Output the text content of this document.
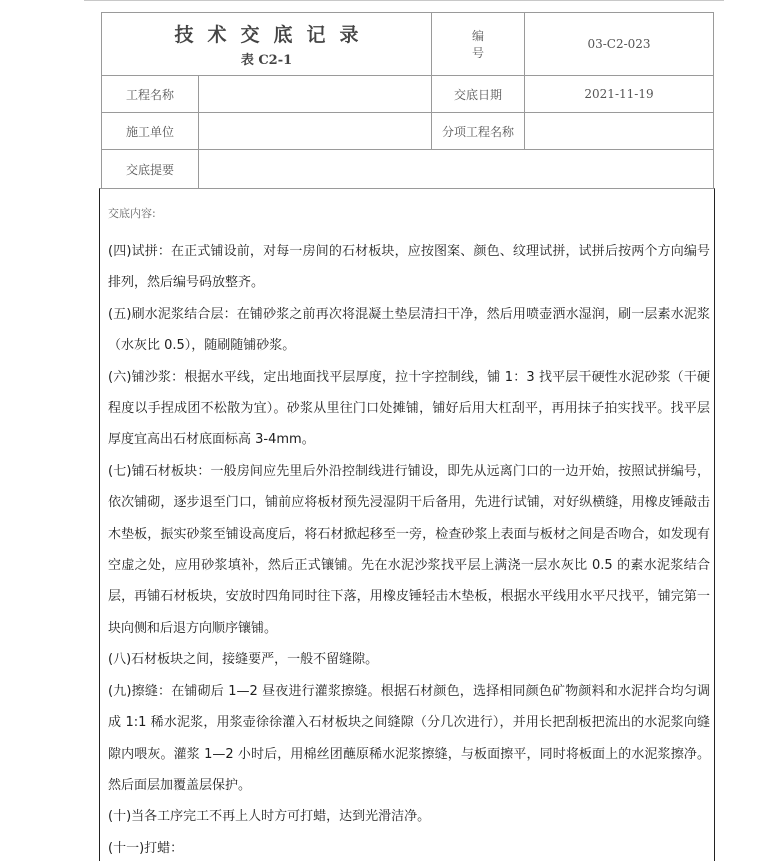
技术交底记录
表 C2-1		编号	03-C2-023
工程名称		交底日期	2021-11-19
施工单位		分项工程名称	
交底提要			
交底内容:

(四)试拼：在正式铺设前，对每一房间的石材板块，应按图案、颜色、纹理试拼，试拼后按两个方向编号排列，然后编号码放整齐。

(五)刷水泥浆结合层：在铺砂浆之前再次将混凝土垫层清扫干净，然后用喷壶洒水湿润，刷一层素水泥浆（水灰比 0.5），随刷随铺砂浆。

(六)铺沙浆：根据水平线，定出地面找平层厚度，拉十字控制线，铺 1：3 找平层干硬性水泥砂浆（干硬程度以手捏成团不松散为宜）。砂浆从里往门口处摊铺，铺好后用大杠刮平，再用抹子拍实找平。找平层厚度宜高出石材底面标高 3-4mm。

(七)铺石材板块：一般房间应先里后外沿控制线进行铺设，即先从远离门口的一边开始，按照试拼编号，依次铺砌，逐步退至门口，铺前应将板材预先浸湿阴干后备用，先进行试铺，对好纵横缝，用橡皮锤敲击木垫板，振实砂浆至铺设高度后，将石材掀起移至一旁，检查砂浆上表面与板材之间是否吻合，如发现有空虚之处，应用砂浆填补，然后正式镶铺。先在水泥沙浆找平层上满浇一层水灰比 0.5 的素水泥浆结合层，再铺石材板块，安放时四角同时往下落，用橡皮锤轻击木垫板，根据水平线用水平尺找平，铺完第一块向侧和后退方向顺序镶铺。

(八)石材板块之间，接缝要严，一般不留缝隙。

(九)擦缝：在铺砌后 1—2 昼夜进行灌浆擦缝。根据石材颜色，选择相同颜色矿物颜料和水泥拌合均匀调成 1:1 稀水泥浆，用浆壶徐徐灌入石材板块之间缝隙（分几次进行），并用长把刮板把流出的水泥浆向缝隙内喂灰。灌浆 1—2 小时后，用棉丝团蘸原稀水泥浆擦缝，与板面擦平，同时将板面上的水泥浆擦净。然后面层加覆盖层保护。

(十)当各工序完工不再上人时方可打蜡，达到光滑洁净。

(十一)打蜡：
